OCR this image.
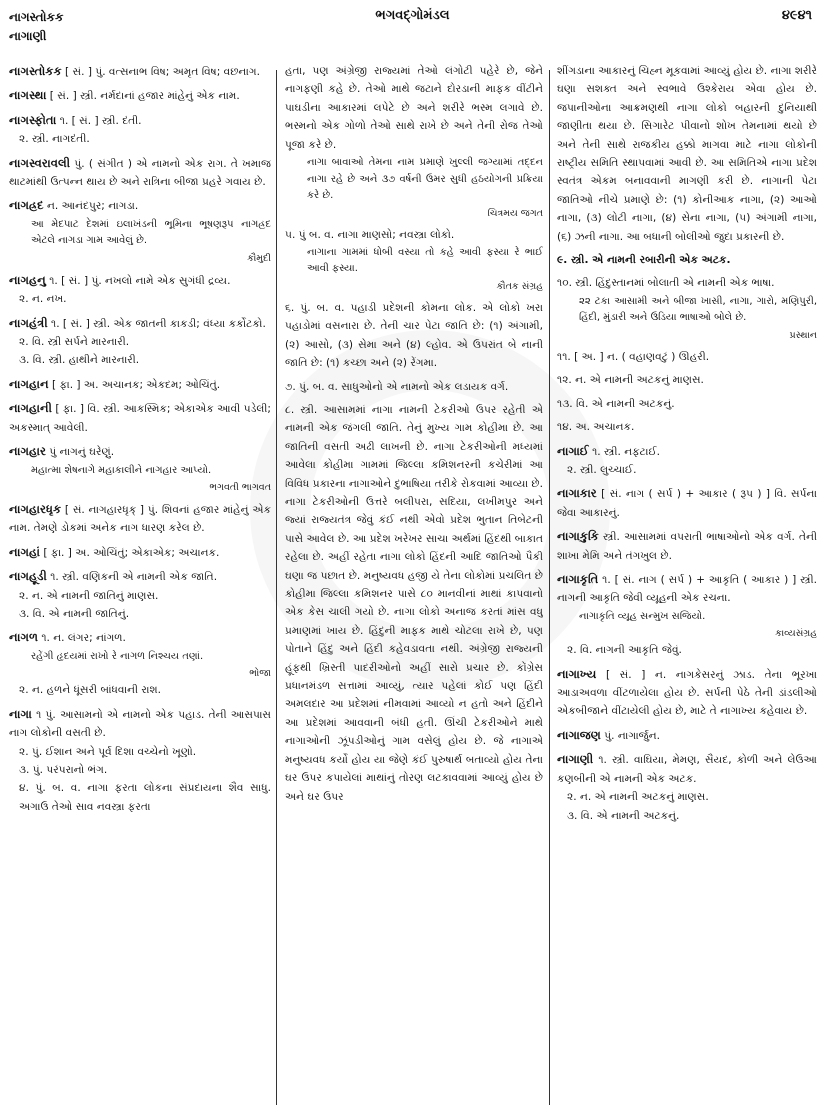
નાગસ્તોકક
નાગાણી
ભગવદ્ગોમંડલ	૪૯૪૧
નાગસ્તોકક [ સં. ] પું. વત્સનાભ વિષ; અમૃત વિષ; વછનાગ.
નાગસ્થા [ સં. ] સ્ત્રી. નર્મદાનાં હજાર માંહેનું એક નામ.
નાગસ્ફોતા ૧. [ સં. ] સ્ત્રી. દંતી.
૨. સ્ત્રી. નાગદંતી.
નાગસ્વરાવલી પું. ( સંગીત ) એ નામનો એક રાગ. તે ખમાજ થાટમાંથી ઉત્પન્ન થાય છે અને રાત્રિના બીજા પ્રહરે ગવાય છે.
નાગહ્રદ ન. આનંદપુર; નાગડા.
આ મેદપાટ દેશમાં ઇલાખંડની ભૂમિના ભૂષણરૂપ નાગહ્રદ એટલે નાગડા ગામ આવેલું છે.
કૌમુદી
નાગહનુ ૧. [ સં. ] પું. નખલો નામે એક સુગંધી દ્રવ્ય.
૨. ન. નખ.
નાગહંત્રી ૧. [ સં. ] સ્ત્રી. એક જાતની કાકડી; વંધ્યા કર્કોટકો.
૨. વિ. સ્ત્રી સર્પને મારનારી.
૩. વિ. સ્ત્રી. હાથીને મારનારી.
નાગહાન [ ફા. ] અ. અચાનક; એકદમ; ઓચિંતું.
નાગહાની [ ફા. ] વિ. સ્ત્રી. આકસ્મિક; એકાએક આવી પડેલી; અકસ્માત્ આવેલી.
નાગહાર પું નાગનું ઘરેણું.
મહાત્મા શેષનાગે મહાકાલીને નાગહાર આપ્યો.
ભગવતી ભાગવત
નાગહારધૃક [ સં. નાગહારધૃક્ ] પું. શિવનાં હજાર માંહેનું એક નામ. તેમણે ડોકમાં અનેક નાગ ધારણ કરેલ છે.
નાગહાં [ ફા. ] અ. ઓચિંતું; એકાએક; અચાનક.
નાગહૂડી ૧. સ્ત્રી. વણિકની એ નામની એક જાતિ.
૨. ન. એ નામની જાતિનું માણસ.
૩. વિ. એ નામની જાતિનું.
નાગળ ૧. ન. લંગર; નાંગળ.
રહેંગી હૃદયમાં રાખો રે નાગળ નિશ્ચય તણાં.
ભોજા
૨. ન. હળને ધૂંસરી બાંધવાની રાશ.
નાગા ૧ પું. આસામનો એ નામનો એક પહાડ. તેની આસપાસ નાગ લોકોની વસતી છે.
૨. પું. ઈશાન અને પૂર્વ દિશા વચ્ચેનો ખૂણો.
૩. પું. પરંપરાનો ભંગ.
૪. પું. બ. વ. નાગા ફરતા લોકના સંપ્રદાયના શૈવ સાધુ. અગાઉ તેઓ સાવ નવસ્ત્રા ફરતા
હતા, પણ અંગ્રેજી રાજ્યમાં તેઓ લંગોટી પહેરે છે, જેને નાગફણી કહે છે. તેઓ માથે જટાને દોરડાની માફક વીંટીને પાઘડીના આકારમાં લપેટે છે અને શરીરે ભસ્મ લગાવે છે. ભસ્મનો એક ગોળો તેઓ સાથે રાખે છે અને તેની રોજ તેઓ પૂજા કરે છે.
નાગા બાવાઓ તેમના નામ પ્રમાણે ખુલ્લી જગ્યામાં તદ્દન નાગા રહે છે અને ૩૭ વર્ષની ઉમર સુધી હઠયોગની પ્રક્રિયા કરે છે.
ચિત્રમય જગત
૫. પું બ. વ. નાગા માણસો; નવસ્ત્રા લોકો.
નાગાના ગામમાં ધોબી વસ્યા તો કહે આવી ફસ્યા રે ભાઈ આવી ફસ્યા.
કૌતક સંગ્રહ
૬. પું. બ. વ. પહાડી પ્રદેશની કોમના લોક. એ લોકો ખરા પહાડોમાં વસનારા છે. તેની ચાર પેટા જાતિ છે: (૧) અંગામી, (૨) આસો, (૩) સેમા અને (૪) લ્હોવ. એ ઉપરાંત બે નાની જાતિ છે: (૧) કચ્છા અને (૨) રેંગમા.
૭. પું. બ. વ. સાધુઓનો એ નામનો એક લડાયક વર્ગ.
૮. સ્ત્રી. આસામમાં નાગા નામની ટેકરીઓ ઉપર રહેતી એ નામની એક જંગલી જાતિ. તેનું મુખ્ય ગામ કોહીમા છે. આ જાતિની વસતી અઢી લાખની છે. નાગા ટેકરીઓની મધ્યમાં આવેલા કોહીમા ગામમાં જિલ્લા કમિશનરની કચેરીમાં આ વિવિધ પ્રકારના નાગાઓને દુભાષિયા તરીકે રોકવામાં આવ્યા છે. નાગા ટેકરીઓની ઉત્તરે બલીપરા, સદિયા, લખીમપુર અને જ્યાં રાજ્યતંત્ર જેવું કંઈ નથી એવો પ્રદેશ ભુતાન તિબેટની પાસે આવેલ છે. આ પ્રદેશ ખરેખર સાચા અર્થમાં હિંદથી બાકાત રહેલા છે. અહીં રહેતા નાગા લોકો હિંદની આદિ જાતિઓ પૈકી ઘણા જ પછાત છે. મનુષ્યવધ હજી યે તેના લોકોમાં પ્રચલિત છે કોહીમા જિલ્લા કમિશનર પાસે ૮૦ માનવીનાં માથાં કાપવાનો એક કેસ ચાલી ગયો છે. નાગા લોકો અનાજ કરતાં માંસ વધુ પ્રમાણમાં ખાય છે. હિંદુની માફક માથે ચોટલા રાખે છે, પણ પોતાને હિંદુ અને હિંદી કહેવડાવતા નથી. અંગ્રેજી રાજ્યની હૂંફથી ખ્રિસ્તી પાદરીઓનો અહીં સારો પ્રચાર છે. કોંગ્રેસ પ્રધાનમંડળ સત્તામાં આવ્યું, ત્યાર પહેલાં કોઈ પણ હિંદી અમલદાર આ પ્રદેશમાં નીમવામાં આવ્યો ન હતો અને હિંદીને આ પ્રદેશમાં આવવાની બંધી હતી. ઊંચી ટેકરીઓને માથે નાગાઓની ઝૂંપડીઓનું ગામ વસેલું હોય છે. જે નાગાએ મનુષ્યવધ કર્યો હોય યા જેણે કંઈ પુરુષાર્થ બતાવ્યો હોય તેના ઘર ઉપર કપાયેલાં માથાંનું તોરણ લટકાવવામાં આવ્યું હોય છે અને ઘર ઉપર
શીંગડાના આકારનું ચિહ્ન મૂકવામાં આવ્યું હોય છે. નાગા શરીરે ઘણા સશક્ત અને સ્વભાવે ઉશ્કેરાય એવા હોય છે. જપાનીઓના આક્રમણથી નાગા લોકો બહારની દુનિયાથી જાણીતા થયા છે. સિગારેટ પીવાનો શોખ તેમનામાં થયો છે અને તેની સાથે રાજકીય હક્કો માગવા માટે નાગા લોકોની રાષ્ટ્રીય સમિતિ સ્થાપવામાં આવી છે. આ સમિતિએ નાગા પ્રદેશ સ્વતંત્ર એકમ બનાવવાની માગણી કરી છે. નાગાની પેટા જાતિઓ નીચે પ્રમાણે છે: (૧) કોનીઆક નાગા, (૨) આઓ નાગા, (૩) લોટી નાગા, (૪) સેના નાગા, (૫) અંગામી નાગા, (૬) ઝની નાગા. આ બધાની બોલીઓ જુદા પ્રકારની છે.
૯. સ્ત્રી. એ નામની રબારીની એક અટક.
૧૦. સ્ત્રી. હિંદુસ્તાનમાં બોલાતી એ નામની એક ભાષા.
૨૨ ટકા આસામી અને બીજા ખાસી, નાગા, ગારો, મણિપુરી, હિંદી, મુંડારી અને ઉડિયા ભાષાઓ બોલે છે.
પ્રસ્થાન
૧૧. [ અ. ] ન. ( વહાણવટું ) ઊહરી.
૧૨. ન. એ નામની અટકનું માણસ.
૧૩. વિ. એ નામની અટકનું.
૧૪. અ. અચાનક.
નાગાઈ ૧. સ્ત્રી. નફટાઈ.
૨. સ્ત્રી. લુચ્ચાઈ.
નાગાકાર [ સં. નાગ ( સર્પ ) + આકાર ( રૂપ ) ] વિ. સર્પના જેવા આકારનું.
નાગાકુકિ સ્ત્રી. આસામમાં વપરાતી ભાષાઓનો એક વર્ગ. તેની શાખા મેમિ અને તંગખુલ છે.
નાગાકૃતિ ૧. [ સં. નાગ ( સર્પ ) + આકૃતિ ( આકાર ) ] સ્ત્રી. નાગની આકૃતિ જેવી વ્યૂહની એક રચના.
નાગાકૃતિ વ્યૂહ સન્મુખ સજિયો.
કાવ્યસંગ્રહ
૨. વિ. નાગની આકૃતિ જેવું.
નાગાખ્ય [ સં. ] ન. નાગકેસરનું ઝાડ. તેના ભૂરખા આડાઅવળા વીંટળાયેલા હોય છે. સર્પની પેઠે તેની ડાંડલીઓ એકબીજાને વીંટાયેલી હોય છે, માટે તે નાગાખ્ય કહેવાય છે.
નાગાજણ પું. નાગાર્જુન.
નાગાણી ૧. સ્ત્રી. વાઘિયા, મેમણ, સૈયદ, કોળી અને લેઉઆ કણબીની એ નામની એક અટક.
૨. ન. એ નામની અટકનું માણસ.
૩. વિ. એ નામની અટકનું.
